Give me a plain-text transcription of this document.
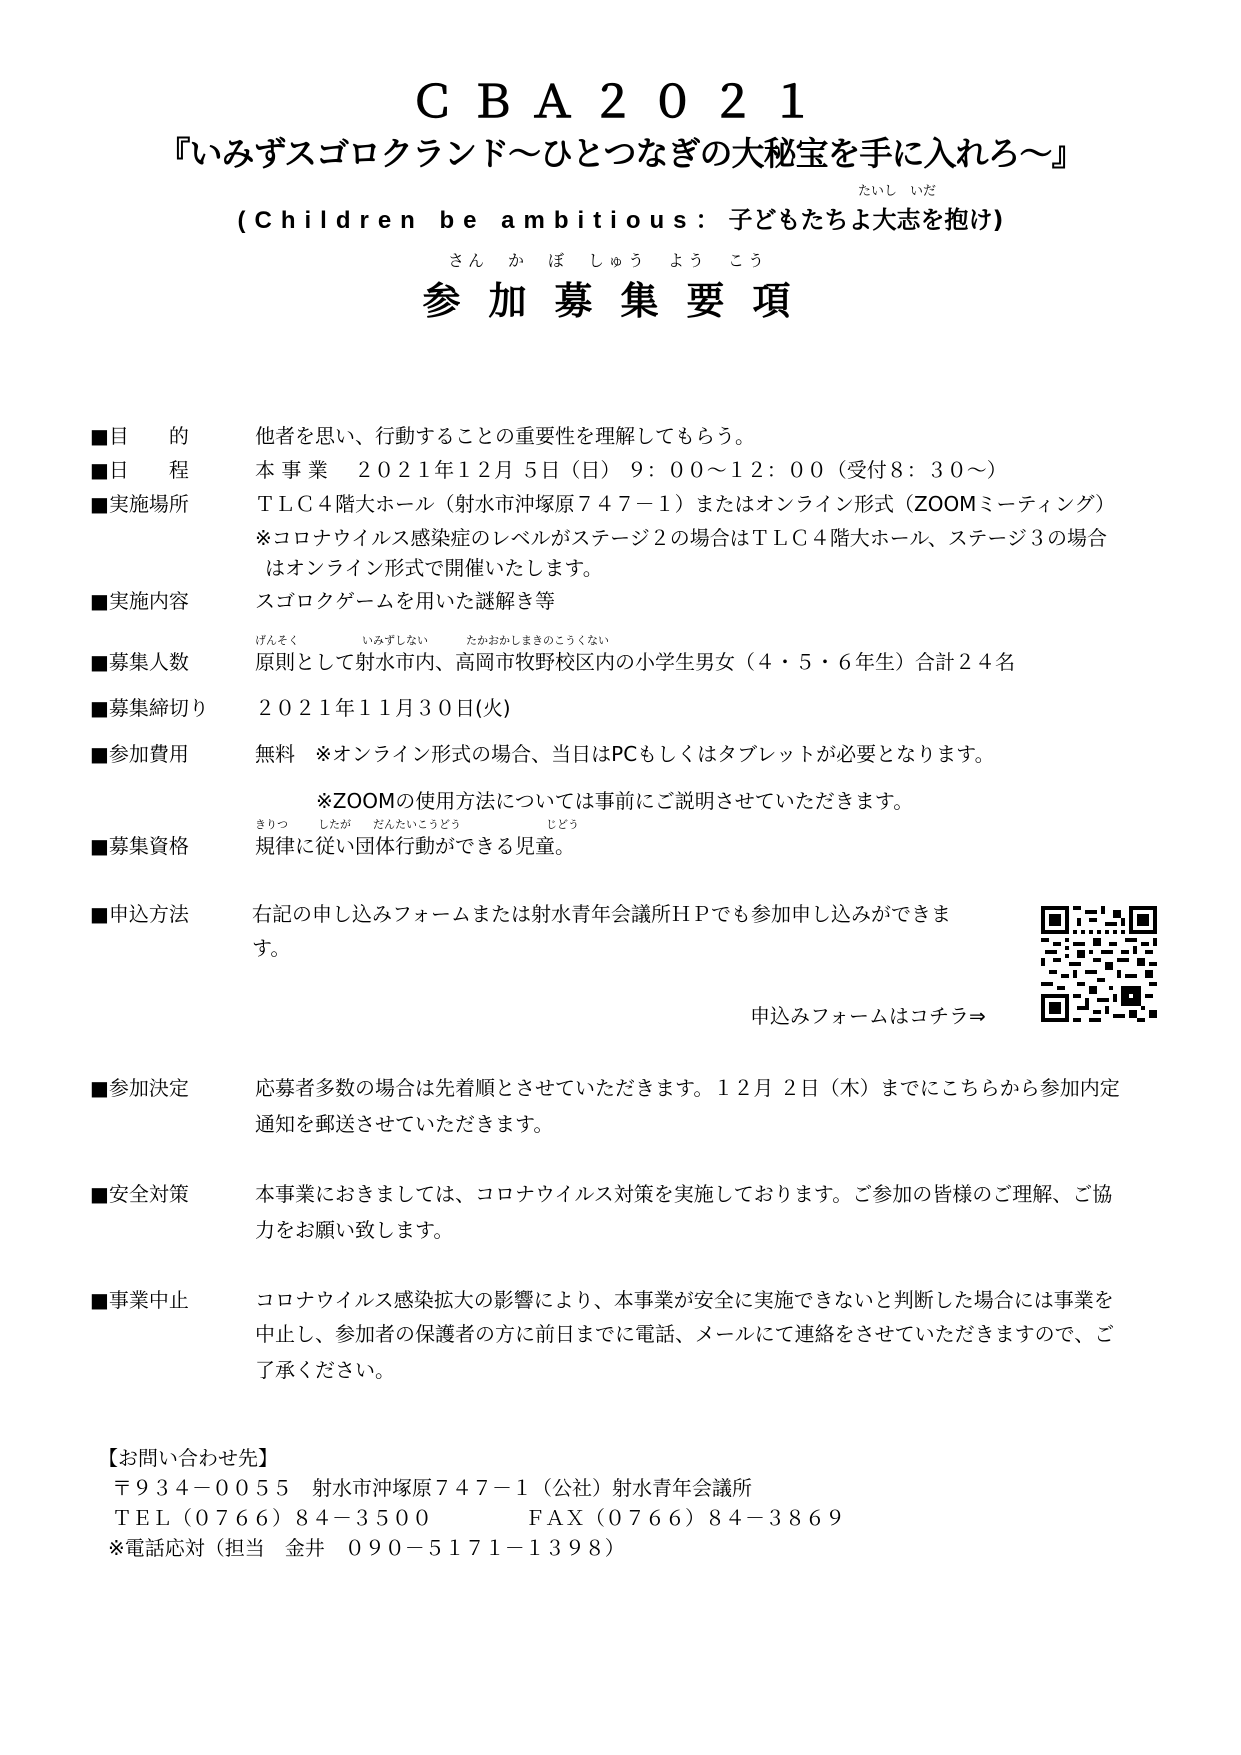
ＣＢＡ２０２１
『いみずスゴロクランド～ひとつなぎの大秘宝を手に入れろ～』
たいし　いだ
(Children be ambitious：子どもたちよ大志を抱け)
さん　か　ぼ　しゅう　よう　こう
参加募集要項
■目　　的	他者を思い、行動することの重要性を理解してもらう。
■日　　程	本 事 業　 ２０２１年１２月 ５日（日） ９：００～１２：００（受付８：３０～）
■実施場所	ＴＬＣ４階大ホール（射水市沖塚原７４７－１）またはオンライン形式（ZOOMミーティング）
※コロナウイルス感染症のレベルがステージ２の場合はＴＬＣ４階大ホール、ステージ３の場合
はオンライン形式で開催いたします。
■実施内容	スゴロクゲームを用いた謎解き等
げんそく	いみずしない	たかおかしまきのこうくない
■募集人数	原則として射水市内、高岡市牧野校区内の小学生男女（４・５・６年生）合計２４名
■募集締切り ２０２１年１１月３０日(火)
■参加費用	無料　※オンライン形式の場合、当日はPCもしくはタブレットが必要となります。
※ZOOMの使用方法については事前にご説明させていただきます。
きりつ	したが だんたいこうどう	じどう
■募集資格	規律に従い団体行動ができる児童。
■申込方法	右記の申し込みフォームまたは射水青年会議所ＨＰでも参加申し込みができま
す。
申込みフォームはコチラ⇒
■参加決定	応募者多数の場合は先着順とさせていただきます。１２月 ２日（木）までにこちらから参加内定
通知を郵送させていただきます。
■安全対策	本事業におきましては、コロナウイルス対策を実施しております。ご参加の皆様のご理解、ご協
力をお願い致します。
■事業中止	コロナウイルス感染拡大の影響により、本事業が安全に実施できないと判断した場合には事業を
中止し、参加者の保護者の方に前日までに電話、メールにて連絡をさせていただきますので、ご
了承ください。
【お問い合わせ先】
〒９３４－００５５　射水市沖塚原７４７－１（公社）射水青年会議所
ＴＥＬ（０７６６）８４－３５００	ＦＡＸ（０７６６）８４－３８６９
※電話応対（担当　金井　０９０－５１７１－１３９８）
